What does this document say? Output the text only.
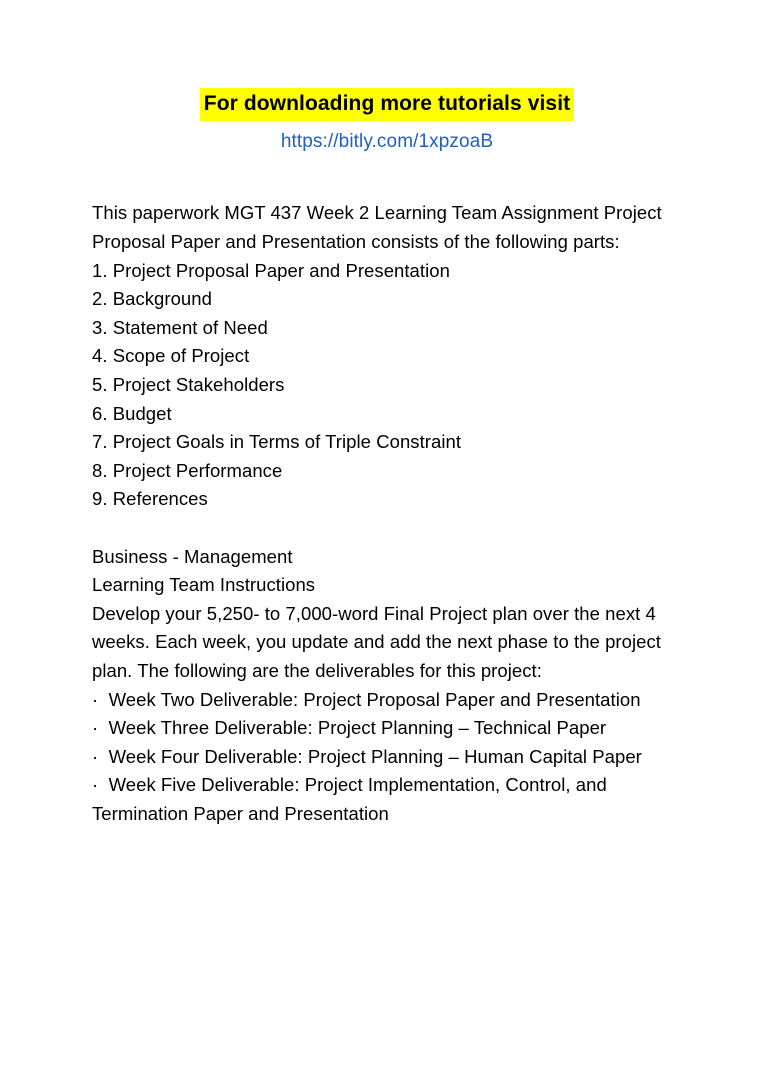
For downloading more tutorials visit
https://bitly.com/1xpzoaB

This paperwork MGT 437 Week 2 Learning Team Assignment Project Proposal Paper and Presentation consists of the following parts:

1. Project Proposal Paper and Presentation

2. Background

3. Statement of Need

4. Scope of Project

5. Project Stakeholders

6. Budget

7. Project Goals in Terms of Triple Constraint

8. Project Performance

9. References

Business - Management

Learning Team Instructions

Develop your 5,250- to 7,000-word Final Project plan over the next 4 weeks. Each week, you update and add the next phase to the project plan. The following are the deliverables for this project:

·  Week Two Deliverable: Project Proposal Paper and Presentation

·  Week Three Deliverable: Project Planning – Technical Paper

·  Week Four Deliverable: Project Planning – Human Capital Paper

·  Week Five Deliverable: Project Implementation, Control, and Termination Paper and Presentation
